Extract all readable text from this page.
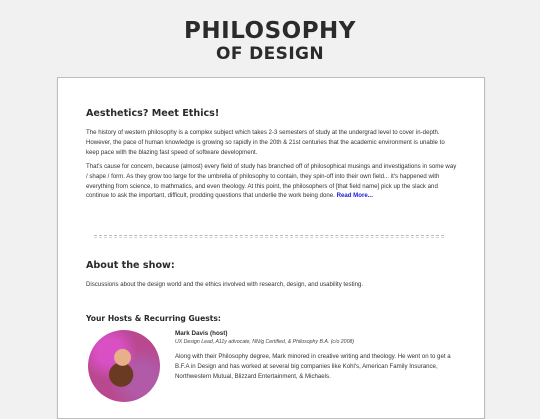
PHILOSOPHY
OF DESIGN
Aesthetics? Meet Ethics!

The history of western philosophy is a complex subject which takes 2-3 semesters of study at the undergrad level to cover in-depth. However, the pace of human knowledge is growing so rapidly in the 20th & 21st centuries that the academic environment is unable to keep pace with the blazing fast speed of software development.

That's cause for concern, because (almost) every field of study has branched off of philosophical musings and investigations in some way / shape / form. As they grow too large for the umbrella of philosophy to contain, they spin-off into their own field... it's happened with everything from science, to mathmatics, and even theology. At this point, the philosophers of [that field name] pick up the slack and continue to ask the important, difficult, prodding questions that underlie the work being done. Read More...

About the show:

Discussions about the design world and the ethics involved with research, design, and usability testing.

Your Hosts & Recurring Guests:
Mark Davis (host)
UX Design Lead, A11y advocate, NN/g Certified, & Philosophy B.A. (c/o 2008)

Along with their Philosophy degree, Mark minored in creative writing and theology. He went on to get a B.F.A in Design and has worked at several big companies like Kohl's, American Family Insurance, Northwestern Mutual, Blizzard Entertainment, & Michaels.
